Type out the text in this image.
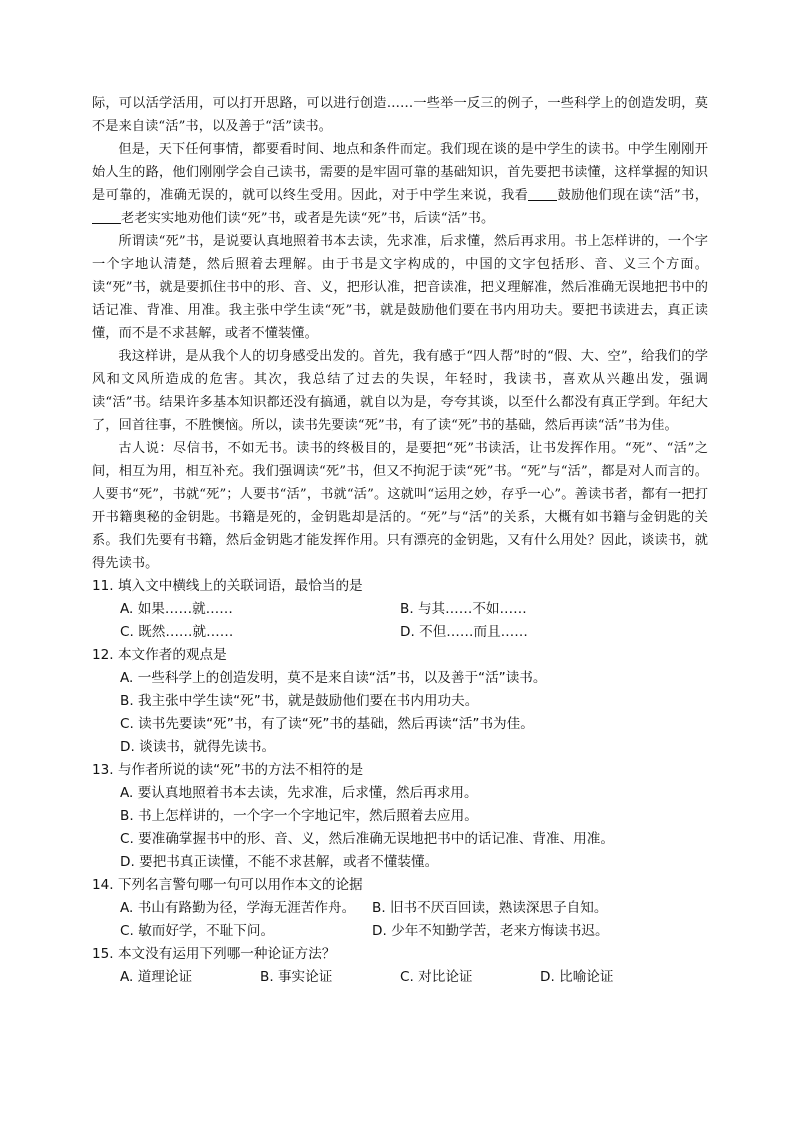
际，可以活学活用，可以打开思路，可以进行创造……一些举一反三的例子，一些科学上的创造发明，莫不是来自读“活”书，以及善于“活”读书。

但是，天下任何事情，都要看时间、地点和条件而定。我们现在谈的是中学生的读书。中学生刚刚开始人生的路，他们刚刚学会自己读书，需要的是牢固可靠的基础知识，首先要把书读懂，这样掌握的知识是可靠的，准确无误的，就可以终生受用。因此，对于中学生来说，我看 鼓励他们现在读“活”书，老老实实地劝他们读“死”书，或者是先读“死”书，后读“活”书。

所谓读“死”书，是说要认真地照着书本去读，先求准，后求懂，然后再求用。书上怎样讲的，一个字一个字地认清楚，然后照着去理解。由于书是文字构成的，中国的文字包括形、音、义三个方面。读“死”书，就是要抓住书中的形、音、义，把形认准，把音读准，把义理解准，然后准确无误地把书中的话记准、背准、用准。我主张中学生读“死”书，就是鼓励他们要在书内用功夫。要把书读进去，真正读懂，而不是不求甚解，或者不懂装懂。

我这样讲，是从我个人的切身感受出发的。首先，我有感于“四人帮”时的“假、大、空”，给我们的学风和文风所造成的危害。其次，我总结了过去的失误，年轻时，我读书，喜欢从兴趣出发，强调读“活”书。结果许多基本知识都还没有搞通，就自以为是，夸夸其谈，以至什么都没有真正学到。年纪大了，回首往事，不胜懊恼。所以，读书先要读“死”书，有了读“死”书的基础，然后再读“活”书为佳。

古人说：尽信书，不如无书。读书的终极目的，是要把“死”书读活，让书发挥作用。“死”、“活”之间，相互为用，相互补充。我们强调读“死”书，但又不拘泥于读“死”书。“死”与“活”，都是对人而言的。人要书“死”，书就“死”；人要书“活”，书就“活”。这就叫“运用之妙，存乎一心”。善读书者，都有一把打开书籍奥秘的金钥匙。书籍是死的，金钥匙却是活的。“死”与“活”的关系，大概有如书籍与金钥匙的关系。我们先要有书籍，然后金钥匙才能发挥作用。只有漂亮的金钥匙，又有什么用处？因此，谈读书，就得先读书。

11. 填入文中横线上的关联词语，最恰当的是

A. 如果……就……	B. 与其……不如……
C. 既然……就……	D. 不但……而且……

12. 本文作者的观点是

A. 一些科学上的创造发明，莫不是来自读“活”书，以及善于“活”读书。
B. 我主张中学生读“死”书，就是鼓励他们要在书内用功夫。
C. 读书先要读“死”书，有了读“死”书的基础，然后再读“活”书为佳。
D. 谈读书，就得先读书。

13. 与作者所说的读“死”书的方法不相符的是

A. 要认真地照着书本去读，先求准，后求懂，然后再求用。
B. 书上怎样讲的，一个字一个字地记牢，然后照着去应用。
C. 要准确掌握书中的形、音、义，然后准确无误地把书中的话记准、背准、用准。
D. 要把书真正读懂，不能不求甚解，或者不懂装懂。

14. 下列名言警句哪一句可以用作本文的论据

A. 书山有路勤为径，学海无涯苦作舟。	B. 旧书不厌百回读，熟读深思子自知。
C. 敏而好学，不耻下问。	D. 少年不知勤学苦，老来方悔读书迟。

15. 本文没有运用下列哪一种论证方法？

A. 道理论证	B. 事实论证	C. 对比论证	D. 比喻论证
